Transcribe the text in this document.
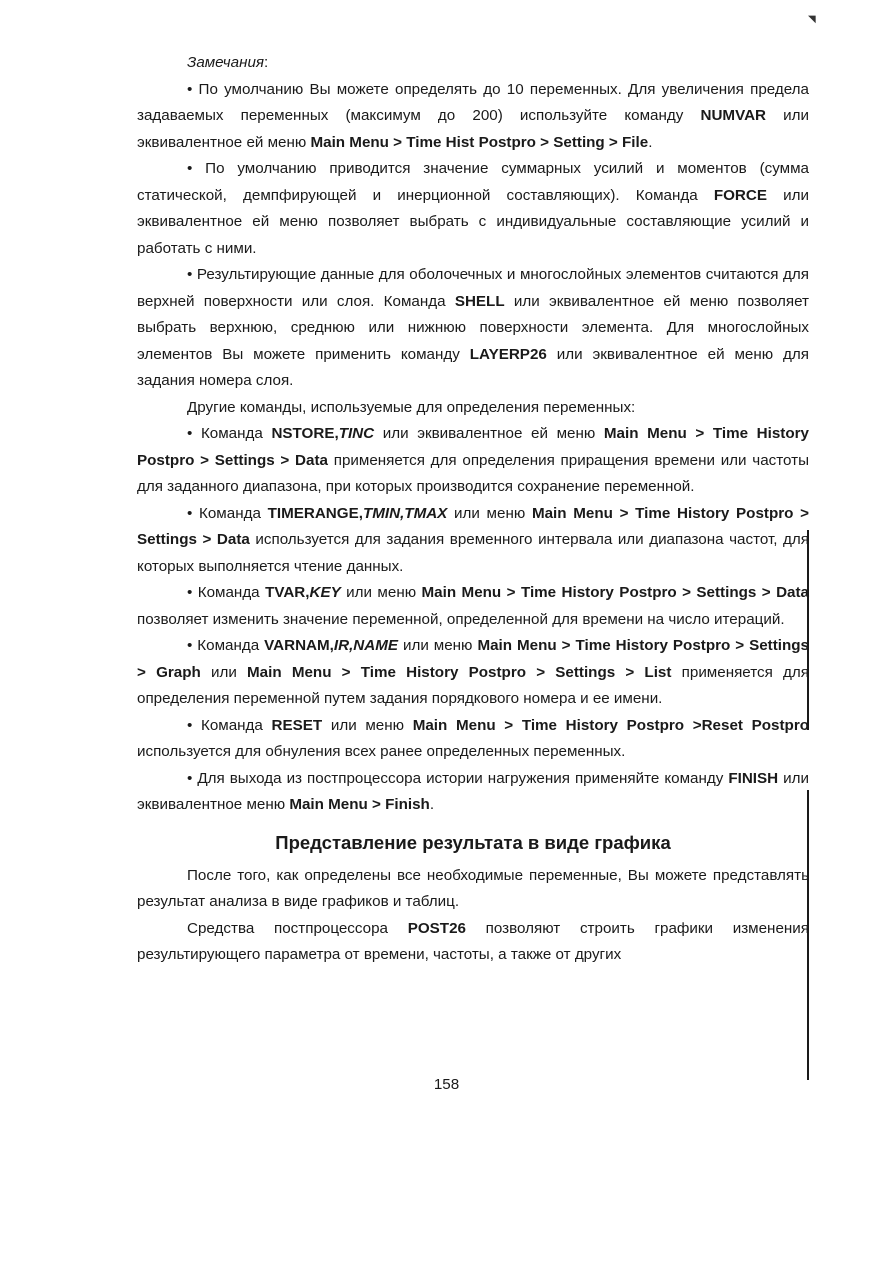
◥

Замечания:

• По умолчанию Вы можете определять до 10 переменных. Для увеличения предела задаваемых переменных (максимум до 200) используйте команду NUMVAR или эквивалентное ей меню Main Menu > Time Hist Postpro > Setting > File.

• По умолчанию приводится значение суммарных усилий и моментов (сумма статической, демпфирующей и инерционной составляющих). Команда FORCE или эквивалентное ей меню позволяет выбрать с индивидуальные составляющие усилий и работать с ними.

• Результирующие данные для оболочечных и многослойных элементов считаются для верхней поверхности или слоя. Команда SHELL или эквивалентное ей меню позволяет выбрать верхнюю, среднюю или нижнюю поверхности элемента. Для многослойных элементов Вы можете применить команду LAYERP26 или эквивалентное ей меню для задания номера слоя.

Другие команды, используемые для определения переменных:

• Команда NSTORE,TINC или эквивалентное ей меню Main Menu > Time History Postpro > Settings > Data применяется для определения приращения времени или частоты для заданного диапазона, при которых производится сохранение переменной.

• Команда TIMERANGE,TMIN,TMAX или меню Main Menu > Time History Postpro > Settings > Data используется для задания временного интервала или диапазона частот, для которых выполняется чтение данных.

• Команда TVAR,KEY или меню Main Menu > Time History Postpro > Settings > Data позволяет изменить значение переменной, определенной для времени на число итераций.

• Команда VARNAM,IR,NAME или меню Main Menu > Time History Postpro > Settings > Graph или Main Menu > Time History Postpro > Settings > List применяется для определения переменной путем задания порядкового номера и ее имени.

• Команда RESET или меню Main Menu > Time History Postpro >Reset Postpro используется для обнуления всех ранее определенных переменных.

• Для выхода из постпроцессора истории нагружения применяйте команду FINISH или эквивалентное меню Main Menu > Finish.

Представление результата в виде графика

После того, как определены все необходимые переменные, Вы можете представлять результат анализа в виде графиков и таблиц.

Средства постпроцессора POST26 позволяют строить графики изменения результирующего параметра от времени, частоты, а также от других

158
